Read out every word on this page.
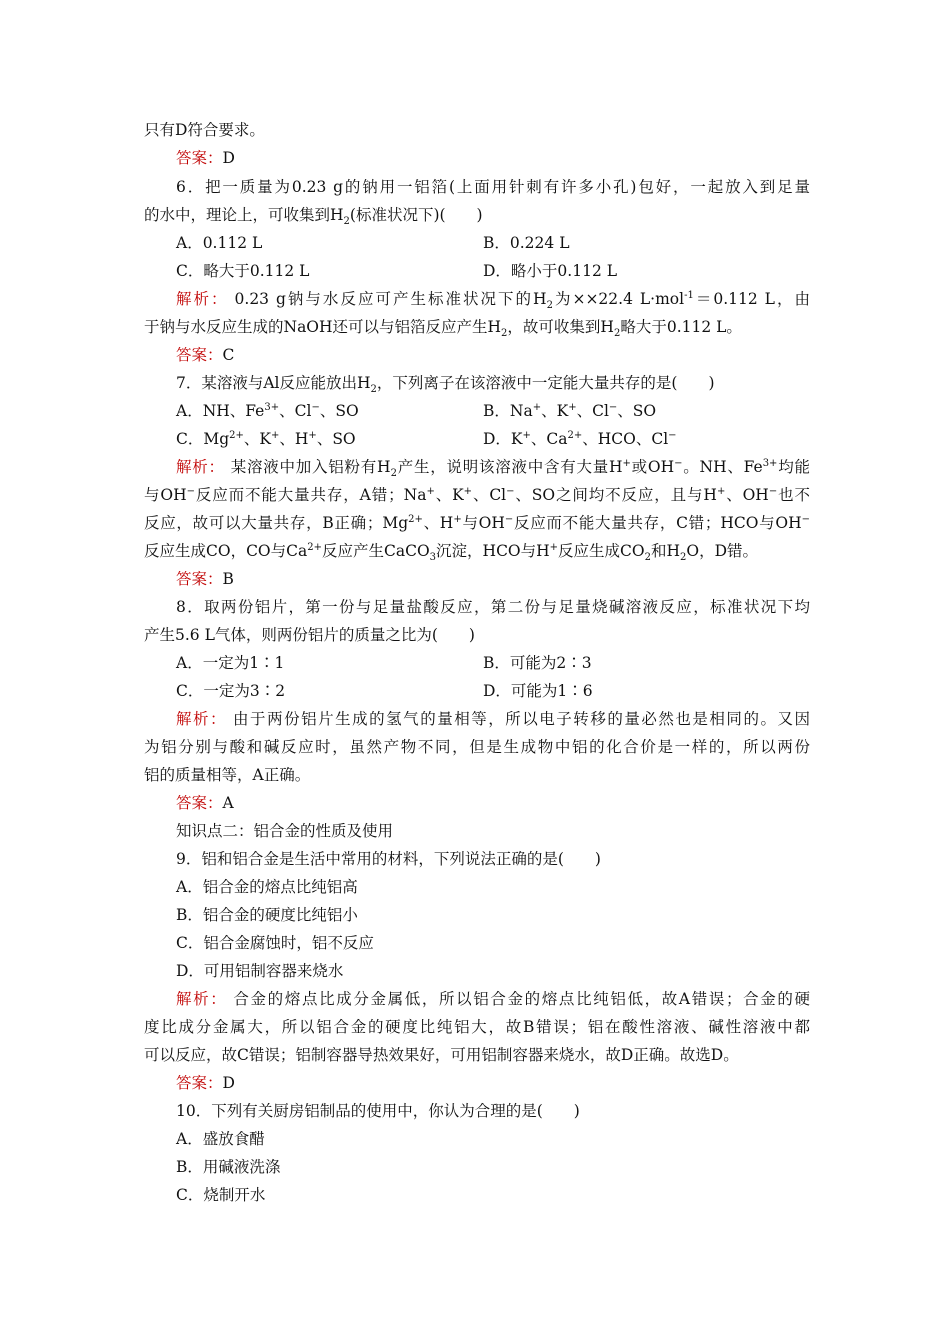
只有D符合要求。
答案：D
6．把一质量为0.23 g的钠用一铝箔(上面用针刺有许多小孔)包好，一起放入到足量
的水中，理论上，可收集到$H_2$(标准状况下)(　　)
A．0.112 L	B．0.224 L
C．略大于0.112 L	D．略小于0.112 L
解析： 0.23 g钠与水反应可产生标准状况下的$H_2$为××22.4 L·mol$^{-1}$＝0.112 L，由
于钠与水反应生成的NaOH还可以与铝箔反应产生$H_2$，故可收集到$H_2$略大于0.112 L。
答案：C
7．某溶液与Al反应能放出$H_2$，下列离子在该溶液中一定能大量共存的是(　　)
A．NH、$Fe^{3+}$、Cl−、SO	B．Na+、K+、Cl−、SO
C．$Mg^{2+}$、K+、H+、SO	D．K+、$Ca^{2+}$、HCO、Cl−
解析： 某溶液中加入铝粉有$H_2$产生，说明该溶液中含有大量H+或OH−。NH、$Fe^{3+}$均能
与OH−反应而不能大量共存，A错；Na+、K+、Cl−、SO之间均不反应，且与H+、OH−也不
反应，故可以大量共存，B正确；$Mg^{2+}$、H+与OH−反应而不能大量共存，C错；HCO与OH−
反应生成CO，CO与$Ca^{2+}$反应产生CaCO$_3$沉淀，HCO与H+反应生成$CO_2$和$H_2O$，D错。
答案：B
8．取两份铝片，第一份与足量盐酸反应，第二份与足量烧碱溶液反应，标准状况下均
产生5.6 L气体，则两份铝片的质量之比为(　　)
A．一定为1∶1	B．可能为2∶3
C．一定为3∶2	D．可能为1∶6
解析： 由于两份铝片生成的氢气的量相等，所以电子转移的量必然也是相同的。又因
为铝分别与酸和碱反应时，虽然产物不同，但是生成物中铝的化合价是一样的，所以两份
铝的质量相等，A正确。
答案：A
知识点二：铝合金的性质及使用
9．铝和铝合金是生活中常用的材料，下列说法正确的是(　　)
A．铝合金的熔点比纯铝高
B．铝合金的硬度比纯铝小
C．铝合金腐蚀时，铝不反应
D．可用铝制容器来烧水
解析： 合金的熔点比成分金属低，所以铝合金的熔点比纯铝低，故A错误；合金的硬
度比成分金属大，所以铝合金的硬度比纯铝大，故B错误；铝在酸性溶液、碱性溶液中都
可以反应，故C错误；铝制容器导热效果好，可用铝制容器来烧水，故D正确。故选D。
答案：D
10．下列有关厨房铝制品的使用中，你认为合理的是(　　)
A．盛放食醋
B．用碱液洗涤
C．烧制开水
